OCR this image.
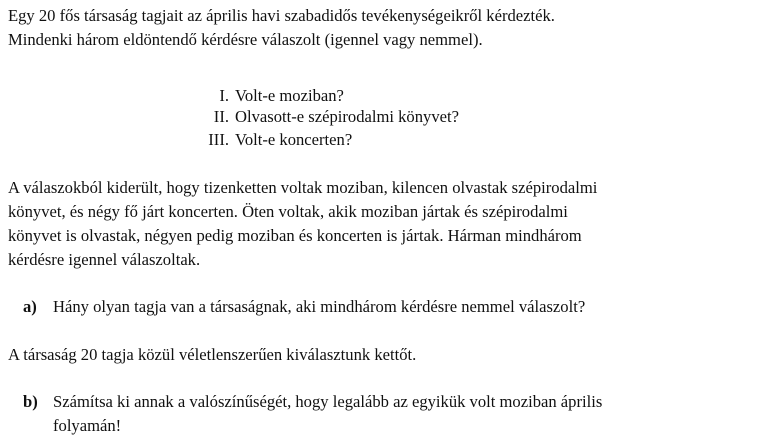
Egy 20 fős társaság tagjait az április havi szabadidős tevékenységeikről kérdezték.
Mindenki három eldöntendő kérdésre válaszolt (igennel vagy nemmel).
I. Volt-e moziban?
II. Olvasott-e szépirodalmi könyvet?
III. Volt-e koncerten?
A válaszokból kiderült, hogy tizenketten voltak moziban, kilencen olvastak szépirodalmi
könyvet, és négy fő járt koncerten. Öten voltak, akik moziban jártak és szépirodalmi
könyvet is olvastak, négyen pedig moziban és koncerten is jártak. Hárman mindhárom
kérdésre igennel válaszoltak.
a) Hány olyan tagja van a társaságnak, aki mindhárom kérdésre nemmel válaszolt?
A társaság 20 tagja közül véletlenszerűen kiválasztunk kettőt.
b) Számítsa ki annak a valószínűségét, hogy legalább az egyikük volt moziban április
folyamán!
